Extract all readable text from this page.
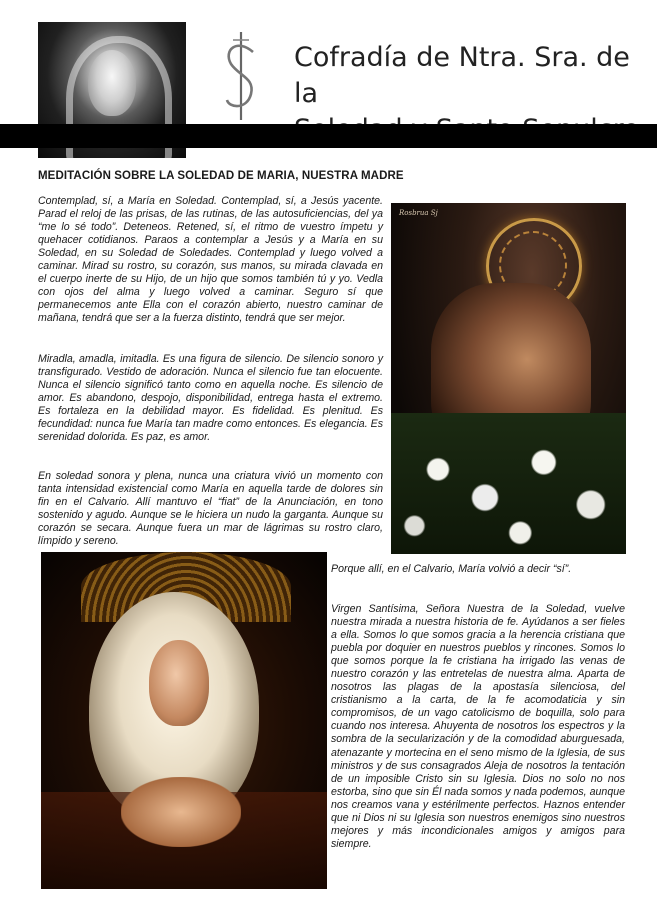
Cofradía de Ntra. Sra. de la

MEDITACIÓN SOBRE LA SOLEDAD DE MARIA, NUESTRA MADRE

Contemplad, sí, a María en Soledad. Contemplad, sí, a Jesús yacente. Parad el reloj de las prisas, de las rutinas, de las autosuficiencias, del ya “me lo sé todo”. Deteneos. Retened, sí, el ritmo de vuestro ímpetu y quehacer cotidianos. Paraos a contemplar a Jesús y a María en su Soledad, en su Soledad de Soledades. Contemplad y luego volved a caminar. Mirad su rostro, su corazón, sus manos, su mirada clavada en el cuerpo inerte de su Hijo, de un hijo que somos también tú y yo. Vedla con ojos del alma y luego volved a caminar. Seguro sí que permanecemos ante Ella con el corazón abierto, nuestro caminar de mañana, tendrá que ser a la fuerza distinto, tendrá que ser mejor.

Miradla, amadla, imitadla. Es una figura de silencio. De silencio sonoro y transfigurado. Vestido de adoración. Nunca el silencio fue tan elocuente. Nunca el silencio significó tanto como en aquella noche. Es silencio de amor. Es abandono, despojo, disponibilidad, entrega hasta el extremo. Es fortaleza en la debilidad mayor. Es fidelidad. Es plenitud. Es fecundidad: nunca fue María tan madre como entonces. Es elegancia. Es serenidad dolorida. Es paz, es amor.

En soledad sonora y plena, nunca una criatura vivió un momento con tanta intensidad existencial como María en aquella tarde de dolores sin fin en el Calvario. Allí mantuvo el “fiat” de la Anunciación, en tono sostenido y agudo. Aunque se le hiciera un nudo la garganta. Aunque su corazón se secara. Aunque fuera un mar de lágrimas su rostro claro, límpido y sereno.

Porque allí, en el Calvario, María volvió a decir “sí”.

Virgen Santísima, Señora Nuestra de la Soledad, vuelve nuestra mirada a nuestra historia de fe. Ayúdanos a ser fieles a ella. Somos lo que somos gracia a la herencia cristiana que puebla por doquier en nuestros pueblos y rincones. Somos lo que somos porque la fe cristiana ha irrigado las venas de nuestro corazón y las entretelas de nuestra alma. Aparta de nosotros las plagas de la apostasía silenciosa, del cristianismo a la carta, de la fe acomodaticia y sin compromisos, de un vago catolicismo de boquilla, solo para cuando nos interesa. Ahuyenta de nosotros los espectros y la sombra de la secularización y de la comodidad aburguesada, atenazante y mortecina en el seno mismo de la Iglesia, de sus ministros y de sus consagrados Aleja de nosotros la tentación de un imposible Cristo sin su Iglesia. Dios no solo no nos estorba, sino que sin Él nada somos y nada podemos, aunque nos creamos vana y estérilmente perfectos. Haznos entender que ni Dios ni su Iglesia son nuestros enemigos sino nuestros mejores y más incondicionales amigos y amigos para siempre.

Rosbrua Sj
